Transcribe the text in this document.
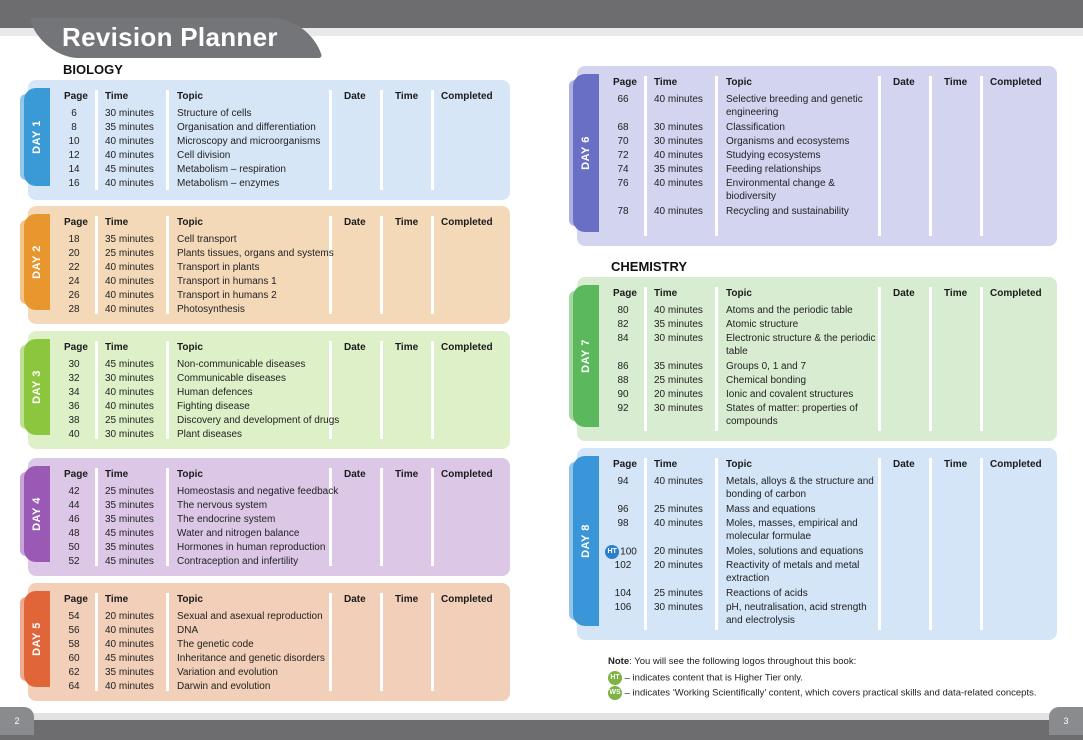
Revision Planner
BIOLOGY
CHEMISTRY
DAY 1
Page Time	Topic	Date	Time Completed
6	30 minutes Structure of cells
8	35 minutes Organisation and differentiation
10	40 minutes Microscopy and microorganisms
12	40 minutes Cell division
14	45 minutes Metabolism – respiration
16	40 minutes Metabolism – enzymes
DAY 2
Page Time	Topic	Date	Time Completed
18	35 minutes Cell transport
20	25 minutes Plants tissues, organs and systems
22	40 minutes Transport in plants
24	40 minutes Transport in humans 1
26	40 minutes Transport in humans 2
28	40 minutes Photosynthesis
DAY 3
Page Time	Topic	Date	Time Completed
30	45 minutes Non-communicable diseases
32	30 minutes Communicable diseases
34	40 minutes Human defences
36	40 minutes Fighting disease
38	25 minutes Discovery and development of drugs
40	30 minutes Plant diseases
DAY 4
Page Time	Topic	Date	Time Completed
42	25 minutes Homeostasis and negative feedback
44	35 minutes The nervous system
46	35 minutes The endocrine system
48	45 minutes Water and nitrogen balance
50	35 minutes Hormones in human reproduction
52	45 minutes Contraception and infertility
DAY 5
Page Time	Topic	Date	Time Completed
54	20 minutes Sexual and asexual reproduction
56	40 minutes DNA
58	40 minutes The genetic code
60	45 minutes Inheritance and genetic disorders
62	35 minutes Variation and evolution
64	40 minutes Darwin and evolution
DAY 6
Page Time	Topic	Date	Time Completed
66	40 minutes Selective breeding and genetic
engineering
68	30 minutes Classification
70	30 minutes Organisms and ecosystems
72	40 minutes Studying ecosystems
74	35 minutes Feeding relationships
76	40 minutes Environmental change &
biodiversity
78	40 minutes Recycling and sustainability
DAY 7
Page Time	Topic	Date	Time Completed
80	40 minutes Atoms and the periodic table
82	35 minutes Atomic structure
84	30 minutes Electronic structure & the periodic
table
86	35 minutes Groups 0, 1 and 7
88	25 minutes Chemical bonding
90	20 minutes Ionic and covalent structures
92	30 minutes States of matter: properties of
compounds
DAY 8
Page Time	Topic	Date	Time Completed
94	40 minutes Metals, alloys & the structure and
bonding of carbon
96	25 minutes Mass and equations
98	40 minutes Moles, masses, empirical and
molecular formulae
HT 100 20 minutes Moles, solutions and equations
102	20 minutes Reactivity of metals and metal
extraction
104	25 minutes Reactions of acids
106	30 minutes pH, neutralisation, acid strength
and electrolysis
Note: You will see the following logos throughout this book:
HT – indicates content that is Higher Tier only.
WS – indicates ‘Working Scientifically’ content, which covers practical skills and data-related concepts.
2	3
